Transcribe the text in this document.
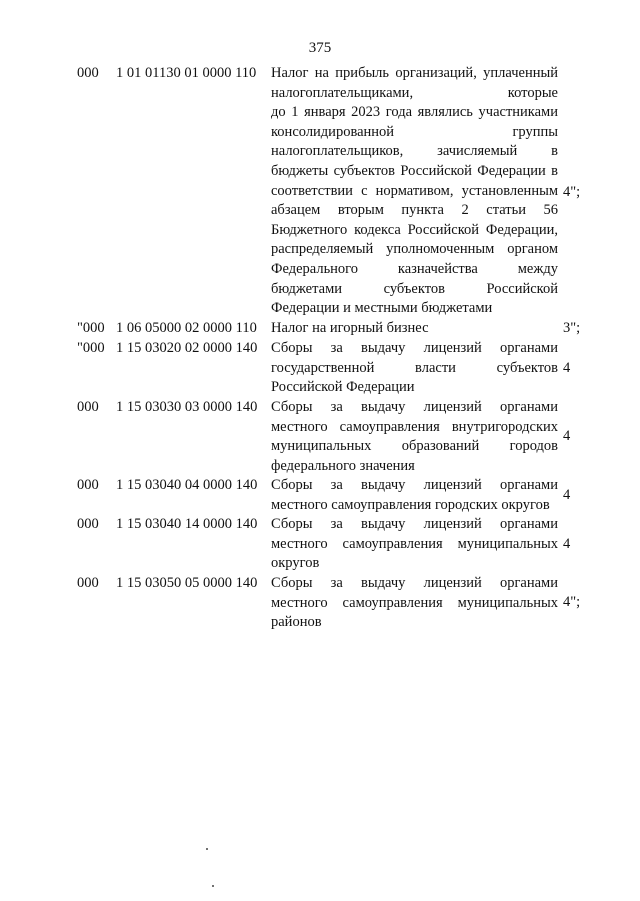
375
000 1 01 01130 01 0000 110 Налог на прибыль организаций, уплаченный
налогоплательщиками, которые
до 1 января 2023 года являлись участниками
консолидированной группы
налогоплательщиков, зачисляемый в
бюджеты субъектов Российской Федерации в
соответствии с нормативом, установленным
абзацем вторым пункта 2 статьи 56
Бюджетного кодекса Российской Федерации,
распределяемый уполномоченным органом
Федерального казначейства между
бюджетами субъектов Российской
Федерации и местными бюджетами
4";
"000 1 06 05000 02 0000 110 Налог на игорный бизнес	3";
"000 1 15 03020 02 0000 140 Сборы за выдачу лицензий органами
государственной власти субъектов
Российской Федерации
4
000 1 15 03030 03 0000 140 Сборы за выдачу лицензий органами
местного самоуправления внутригородских
муниципальных образований городов
федерального значения
4
000 1 15 03040 04 0000 140 Сборы за выдачу лицензий органами
местного самоуправления городских округов
4
000 1 15 03040 14 0000 140 Сборы за выдачу лицензий органами
местного самоуправления муниципальных
округов
4
000 1 15 03050 05 0000 140 Сборы за выдачу лицензий органами
местного самоуправления муниципальных
районов
4";
